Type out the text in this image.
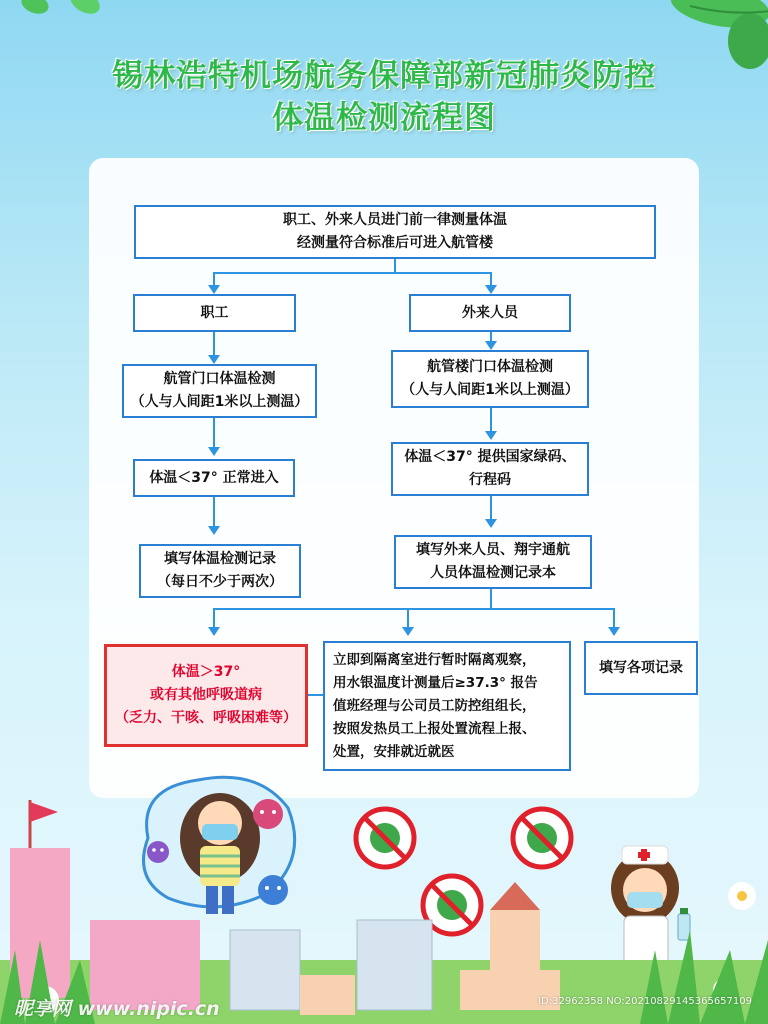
锡林浩特机场航务保障部新冠肺炎防控
体温检测流程图
职工、外来人员进门前一律测量体温
经测量符合标准后可进入航管楼
职工
航管门口体温检测
（人与人间距1米以上测温）
体温＜37° 正常进入
填写体温检测记录
（每日不少于两次）
外来人员
航管楼门口体温检测
（人与人间距1米以上测温）
体温＜37° 提供国家绿码、
行程码
填写外来人员、翔宇通航
人员体温检测记录本
体温＞37°
或有其他呼吸道病
（乏力、干咳、呼吸困难等）
立即到隔离室进行暂时隔离观察，
用水银温度计测量后≥37.3° 报告
值班经理与公司员工防控组组长，
按照发热员工上报处置流程上报、
处置，安排就近就医
填写各项记录
昵享网 www.nipic.cn	ID:32962358 NO:20210829145365657109
